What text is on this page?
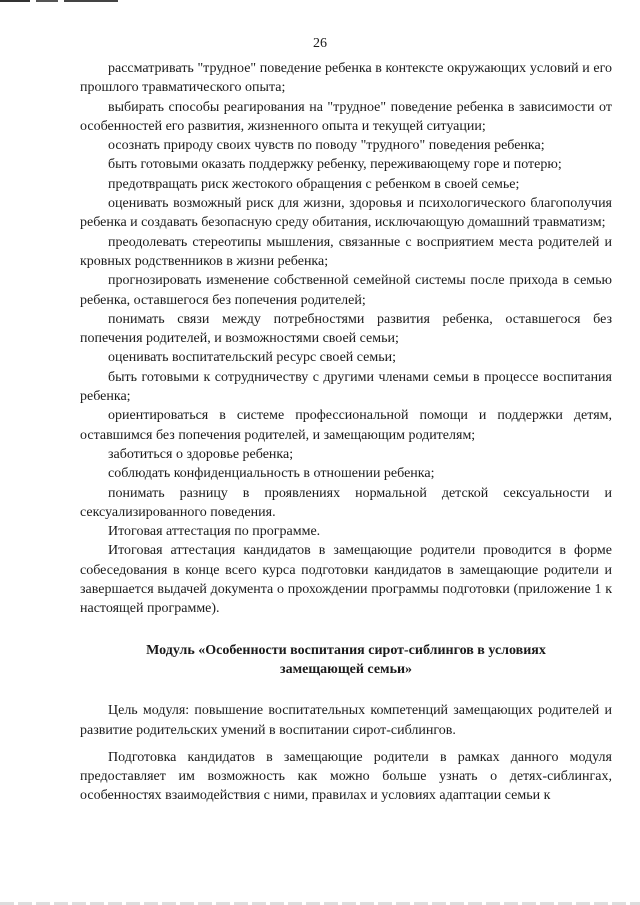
26

рассматривать "трудное" поведение ребенка в контексте окружающих условий и его прошлого травматического опыта;

выбирать способы реагирования на "трудное" поведение ребенка в зависимости от особенностей его развития, жизненного опыта и текущей ситуации;

осознать природу своих чувств по поводу "трудного" поведения ребенка;

быть готовыми оказать поддержку ребенку, переживающему горе и потерю;

предотвращать риск жестокого обращения с ребенком в своей семье;

оценивать возможный риск для жизни, здоровья и психологического благополучия ребенка и создавать безопасную среду обитания, исключающую домашний травматизм;

преодолевать стереотипы мышления, связанные с восприятием места родителей и кровных родственников в жизни ребенка;

прогнозировать изменение собственной семейной системы после прихода в семью ребенка, оставшегося без попечения родителей;

понимать связи между потребностями развития ребенка, оставшегося без попечения родителей, и возможностями своей семьи;

оценивать воспитательский ресурс своей семьи;

быть готовыми к сотрудничеству с другими членами семьи в процессе воспитания ребенка;

ориентироваться в системе профессиональной помощи и поддержки детям, оставшимся без попечения родителей, и замещающим родителям;

заботиться о здоровье ребенка;

соблюдать конфиденциальность в отношении ребенка;

понимать разницу в проявлениях нормальной детской сексуальности и сексуализированного поведения.

Итоговая аттестация по программе.

Итоговая аттестация кандидатов в замещающие родители проводится в форме собеседования в конце всего курса подготовки кандидатов в замещающие родители и завершается выдачей документа о прохождении программы подготовки (приложение 1 к настоящей программе).

Модуль «Особенности воспитания сирот-сиблингов в условиях замещающей семьи»

Цель модуля: повышение воспитательных компетенций замещающих родителей и развитие родительских умений в воспитании сирот-сиблингов.

Подготовка кандидатов в замещающие родители в рамках данного модуля предоставляет им возможность как можно больше узнать о детях-сиблингах, особенностях взаимодействия с ними, правилах и условиях адаптации семьи к
